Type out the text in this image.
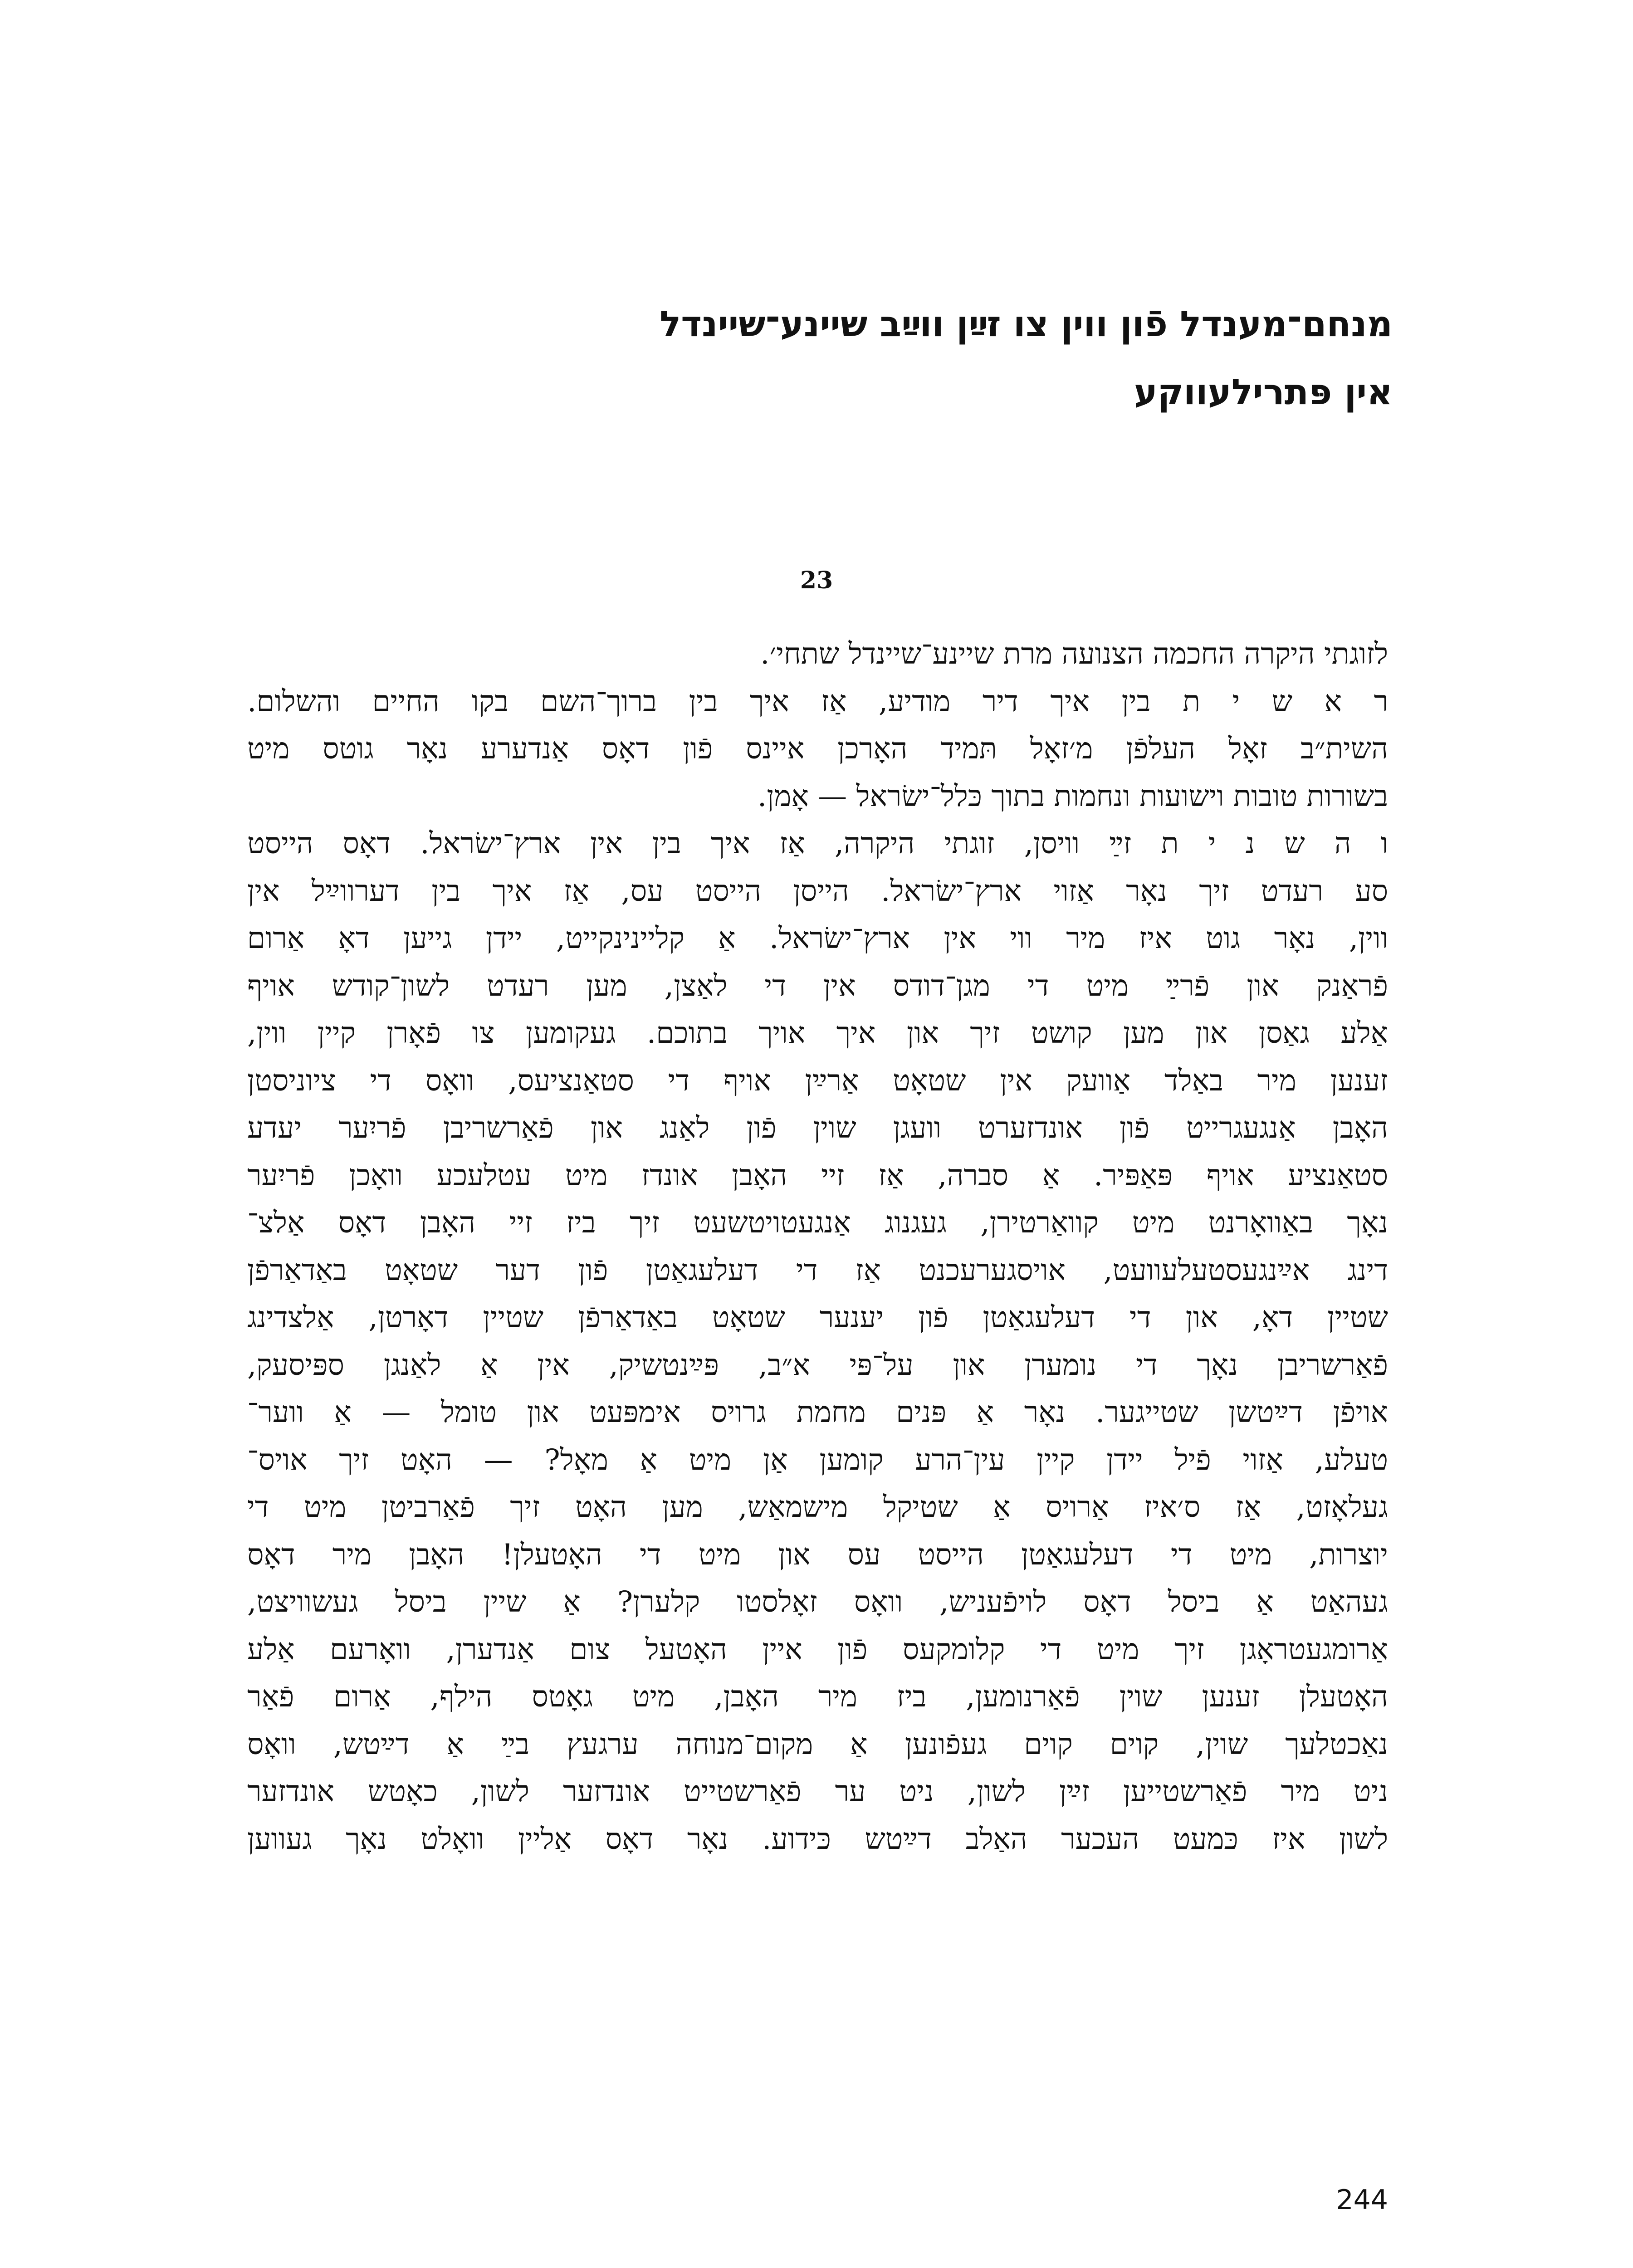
מנחם־מענדל פֿון ווין צו זײַן ווײַב שיינע־שיינדל
אין פּתרילעווקע
23
לזוגתי היקרה החכמה הצנועה מרת שיינע־שיינדל שתחי׳.
ר א ש י ת בין איך דיר מודיע, אַז איך בין ברוך־השם בקו החיים והשלום.
השית״ב זאָל העלפֿן מ׳זאָל תּמיד האָרכן איינס פֿון דאָס אַנדערע נאָר גוטס מיט
בשורות טובות וישועות ונחמות בתוך כּלל־ישׂראל — אָמן.
ו ה ש נ י ת זײַ וויסן, זוגתי היקרה, אַז איך בין אין ארץ־ישׂראל. דאָס הייסט
סע רעדט זיך נאָר אַזוי ארץ־ישׂראל. הייסן הייסט עס, אַז איך בין דערווײַל אין
ווין, נאָר גוט איז מיר ווי אין ארץ־ישׂראל. אַ קליינינקייט, יידן גייען דאָ אַרום
פֿראַנק און פֿרײַ מיט די מגן־דודס אין די לאַצן, מען רעדט לשון־קודש אויף
אַלע גאַסן און מען קושט זיך און איך אויך בתוכם. געקומען צו פֿאָרן קיין ווין,
זענען מיר באַלד אַוועק אין שטאָט אַרײַן אויף די סטאַנציעס, וואָס די ציוניסטן
האָבן אַנגעגרייט פֿון אונדזערט וועגן שוין פֿון לאַנג און פֿאַרשריבן פֿריִער יעדע
סטאַנציע אויף פּאַפּיר. אַ סברה, אַז זיי האָבן אונדז מיט עטלעכע וואָכן פֿריִער
נאָך באַוואָרנט מיט קוואַרטירן, געגנוג אַנגעטויטשעט זיך ביז זיי האָבן דאָס אַלצ־
דינג אײַנגעסטעלעוועט, אויסגערעכנט אַז די דעלעגאַטן פֿון דער שטאָט באַדאַרפֿן
שטיין דאָ, און די דעלעגאַטן פֿון יענער שטאָט באַדאַרפֿן שטיין דאָרטן, אַלצדינג
פֿאַרשריבן נאָך די נומערן און על־פּי א״ב, פּײַנטשיק, אין אַ לאַנגן ספּיסעק,
אויפֿן דײַטשן שטייגער. נאָר אַ פּנים מחמת גרויס אימפּעט און טומל — אַ ווער־
טעלע, אַזוי פֿיל יידן קיין עין־הרע קומען אַן מיט אַ מאָל? — האָט זיך אויס־
געלאָזט, אַז ס׳איז אַרויס אַ שטיקל מישמאַש, מען האָט זיך פֿאַרביטן מיט די
יוצרות, מיט די דעלעגאַטן הייסט עס און מיט די האָטעלן! האָבן מיר דאָס
געהאַט אַ ביסל דאָס לויפֿעניש, וואָס זאָלסטו קלערן? אַ שיין ביסל געשוויצט,
אַרומגעטראָגן זיך מיט די קלומקעס פֿון איין האָטעל צום אַנדערן, וואָרעם אַלע
האָטעלן זענען שוין פֿאַרנומען, ביז מיר האָבן, מיט גאָטס הילף, אַרום פֿאַר
נאַכטלעך שוין, קוים קוים געפֿונען אַ מקום־מנוחה ערגעץ בײַ אַ דײַטש, וואָס
ניט מיר פֿאַרשטייען זײַן לשון, ניט ער פֿאַרשטייט אונדזער לשון, כאָטש אונדזער
לשון איז כּמעט העכער האַלב דײַטש כּידוע. נאָר דאָס אַליין וואָלט נאָך געווען
244
